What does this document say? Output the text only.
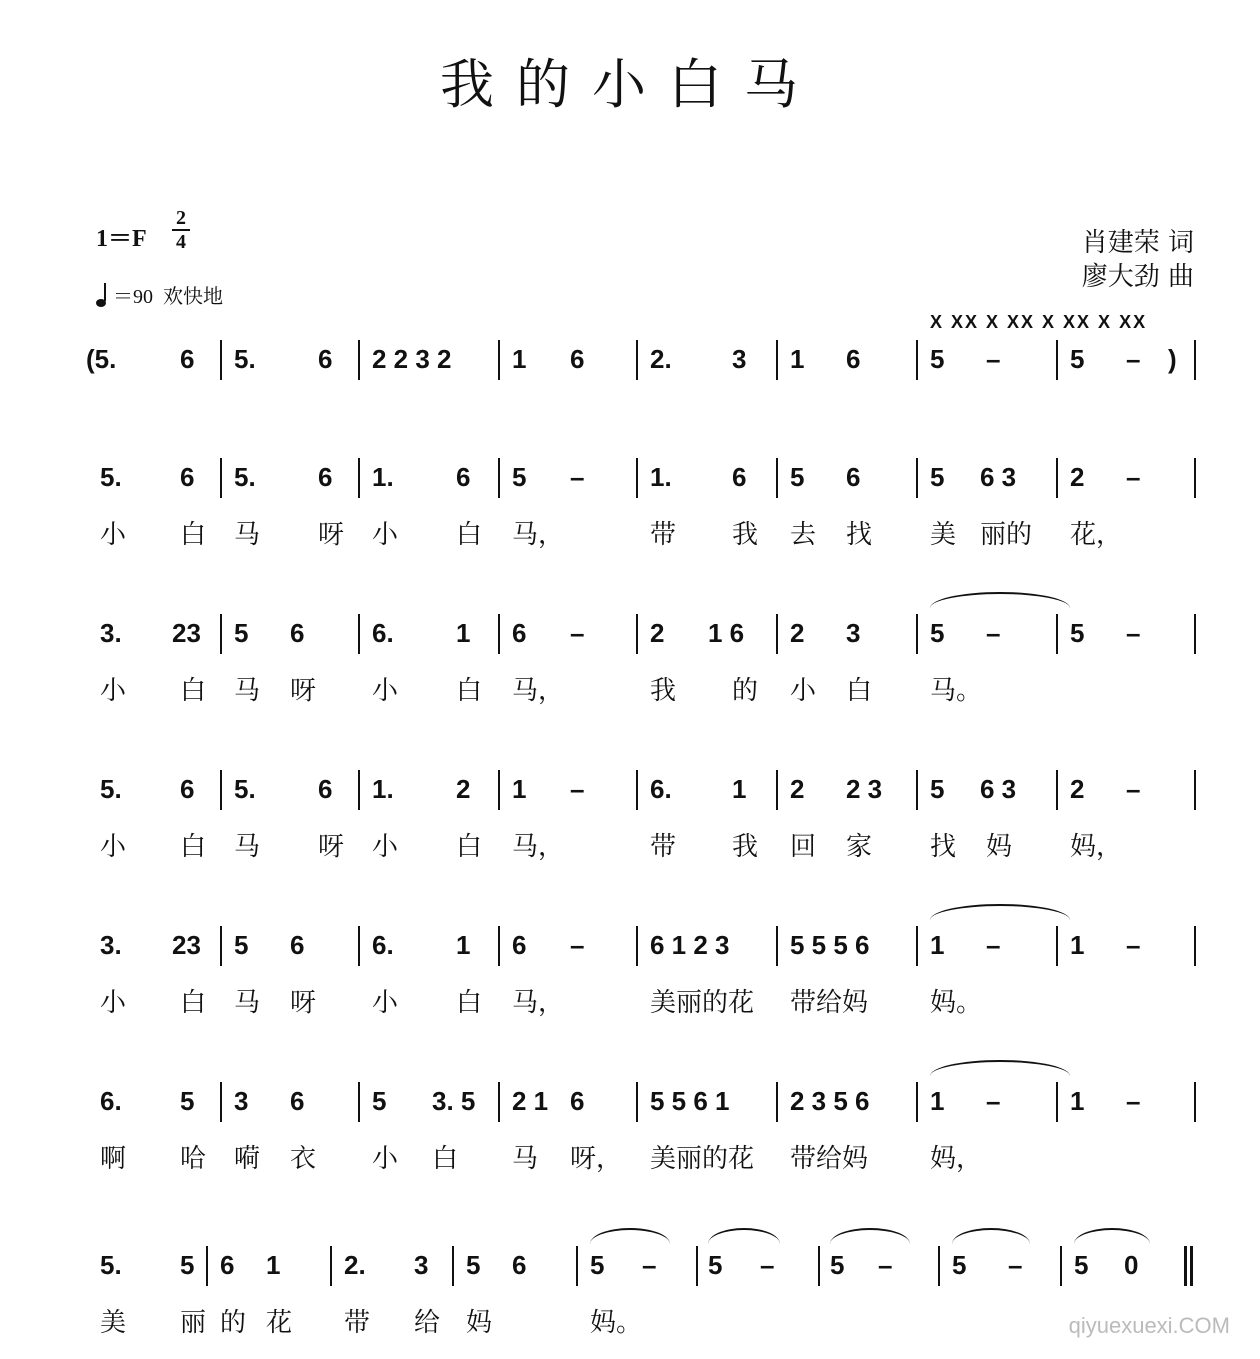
我的小白马
1＝F
2
4
＝90 欢快地
肖建荣 词
廖大劲 曲
X XX X XX X XX X XX
(5. 6 5. 6 2 2 3 2 1 6	2. 3 1 6	5 –	5 – )
5. 6 5. 6 1. 6 5 –	1. 6 5 6	5 6 3 2 –
小 白 马 呀 小 白 马，	带 我 去 找 美 丽的 花，
3. 23 5 6	6. 1 6 –	2 1 6 2 3	5 –	5 –
小 白 马 呀 小 白 马，	我 的 小 白 马。
5. 6 5. 6 1. 2 1 –	6. 1 2 2 3 5 6 3 2 –
小 白 马 呀 小 白 马，	带 我 回 家 找 妈 妈，
3. 23 5 6	6. 1 6 –	6 1 2 3 5 5 5 6 1 –	1 –
小 白 马 呀 小 白 马，	美丽的花 带给妈 妈。
6. 5 3 6	5 3. 5 2 1 6	5 5 6 1 2 3 5 6 1 –	1 –
啊 哈 嗬 衣 小 白 马 呀， 美丽的花 带给妈 妈，
5. 5 6 1 2. 3 5 6 5 – 5 – 5 – 5 – 5 0
美 丽 的 花 带 给 妈	妈。	qiyuexuexi.COM
